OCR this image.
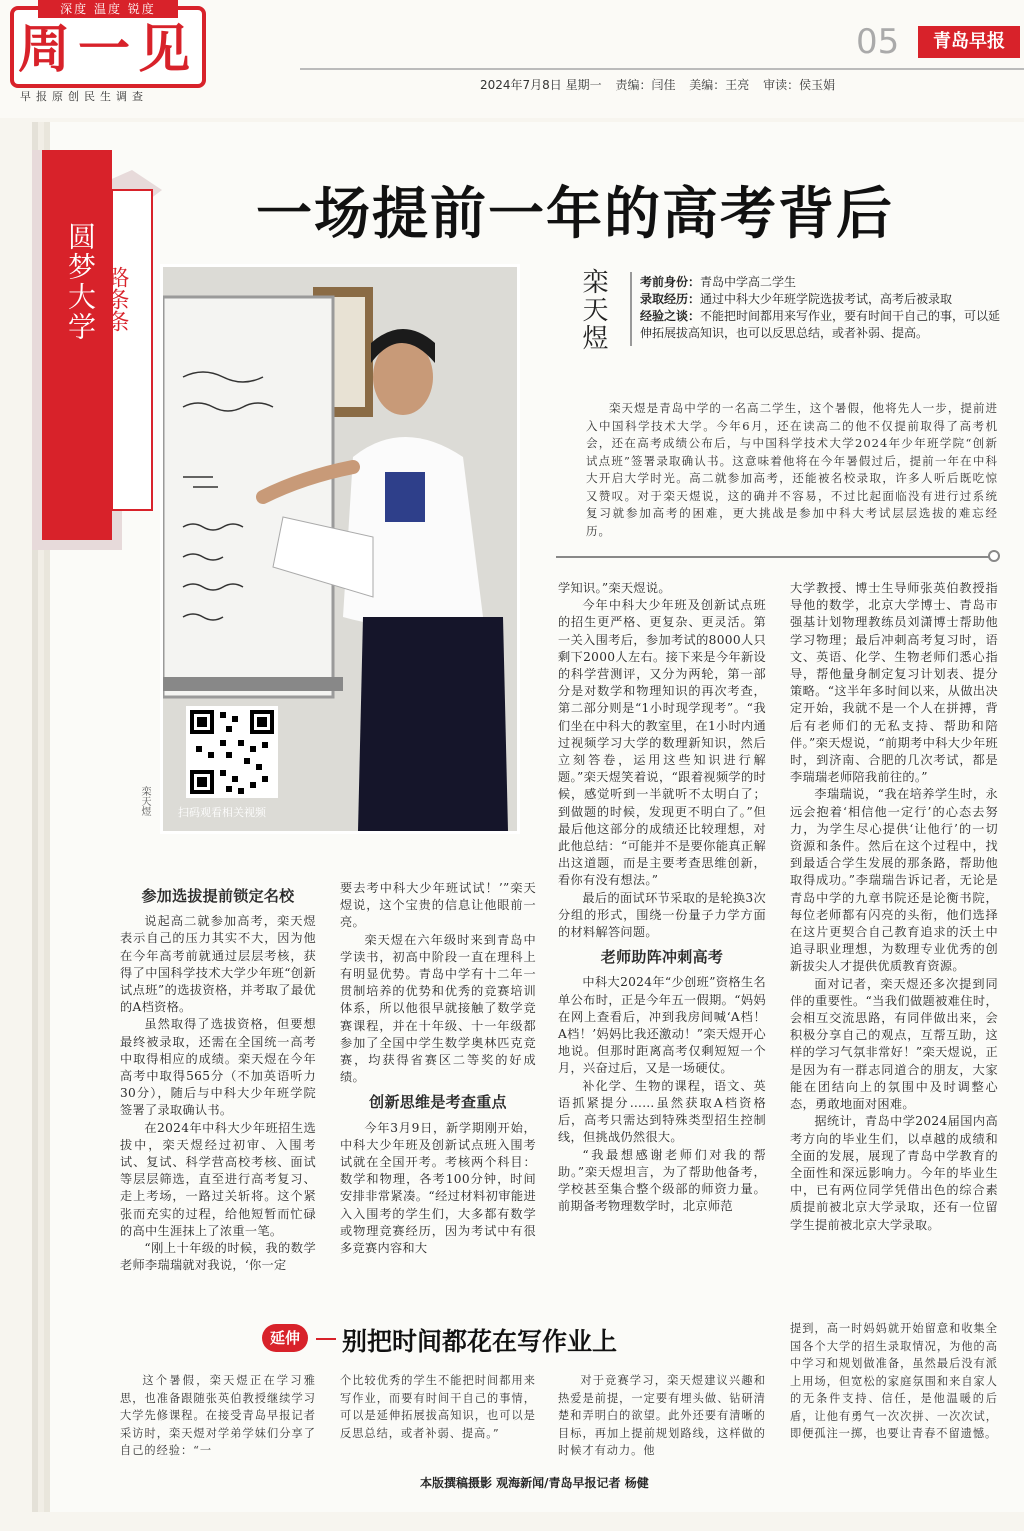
深度 温度 锐度
周一见
早报原创民生调查
05	青岛早报
2024年7月8日 星期一 责编：闫佳 美编：王亮 审读：侯玉娟
圆梦大学 路条条
一场提前一年的高考背后
扫码观看相关视频
栾天煜
栾天煜	考前身份：青岛中学高二学生
录取经历：通过中科大少年班学院选拔考试，高考后被录取
经验之谈：不能把时间都用来写作业，要有时间干自己的事，可以延伸拓展拔高知识，也可以反思总结，或者补弱、提高。
栾天煜是青岛中学的一名高二学生，这个暑假，他将先人一步，提前进入中国科学技术大学。今年6月，还在读高二的他不仅提前取得了高考机会，还在高考成绩公布后，与中国科学技术大学2024年少年班学院“创新试点班”签署录取确认书。这意味着他将在今年暑假过后，提前一年在中科大开启大学时光。高二就参加高考，还能被名校录取，许多人听后既吃惊又赞叹。对于栾天煜说，这的确并不容易，不过比起面临没有进行过系统复习就参加高考的困难，更大挑战是参加中科大考试层层选拔的难忘经历。
参加选拔提前锁定名校

说起高二就参加高考，栾天煜表示自己的压力其实不大，因为他在今年高考前就通过层层考核，获得了中国科学技术大学少年班“创新试点班”的选拔资格，并考取了最优的A档资格。

虽然取得了选拔资格，但要想最终被录取，还需在全国统一高考中取得相应的成绩。栾天煜在今年高考中取得565分（不加英语听力30分），随后与中科大少年班学院签署了录取确认书。

在2024年中科大少年班招生选拔中，栾天煜经过初审、入围考试、复试、科学营高校考核、面试等层层筛选，直至进行高考复习、走上考场，一路过关斩将。这个紧张而充实的过程，给他短暂而忙碌的高中生涯抹上了浓重一笔。

“刚上十年级的时候，我的数学老师李瑞瑞就对我说，‘你一定

要去考中科大少年班试试！’”栾天煜说，这个宝贵的信息让他眼前一亮。

栾天煜在六年级时来到青岛中学读书，初高中阶段一直在理科上有明显优势。青岛中学有十二年一贯制培养的优势和优秀的竞赛培训体系，所以他很早就接触了数学竞赛课程，并在十年级、十一年级都参加了全国中学生数学奥林匹克竞赛，均获得省赛区二等奖的好成绩。

创新思维是考查重点

今年3月9日，新学期刚开始，中科大少年班及创新试点班入围考试就在全国开考。考核两个科目：数学和物理，各考100分钟，时间安排非常紧凑。“经过材料初审能进入入围考的学生们，大多都有数学或物理竞赛经历，因为考试中有很多竞赛内容和大

学知识。”栾天煜说。

今年中科大少年班及创新试点班的招生更严格、更复杂、更灵活。第一关入围考后，参加考试的8000人只剩下2000人左右。接下来是今年新设的科学营测评，又分为两轮，第一部分是对数学和物理知识的再次考查，第二部分则是“1小时现学现考”。“我们坐在中科大的教室里，在1小时内通过视频学习大学的数理新知识，然后立刻答卷，运用这些知识进行解题。”栾天煜笑着说，“跟着视频学的时候，感觉听到一半就听不太明白了；到做题的时候，发现更不明白了。”但最后他这部分的成绩还比较理想，对此他总结：“可能并不是要你能真正解出这道题，而是主要考查思维创新，看你有没有想法。”

最后的面试环节采取的是轮换3次分组的形式，围绕一份量子力学方面的材料解答问题。

老师助阵冲刺高考

中科大2024年“少创班”资格生名单公布时，正是今年五一假期。“妈妈在网上查看后，冲到我房间喊‘A档！A档！’妈妈比我还激动！”栾天煜开心地说。但那时距离高考仅剩短短一个月，兴奋过后，又是一场硬仗。

补化学、生物的课程，语文、英语抓紧提分……虽然获取A档资格后，高考只需达到特殊类型招生控制线，但挑战仍然很大。

“我最想感谢老师们对我的帮助。”栾天煜坦言，为了帮助他备考，学校甚至集合整个级部的师资力量。前期备考物理数学时，北京师范

大学教授、博士生导师张英伯教授指导他的数学，北京大学博士、青岛市强基计划物理教练员刘潇博士帮助他学习物理；最后冲刺高考复习时，语文、英语、化学、生物老师们悉心指导，帮他量身制定复习计划表、提分策略。“这半年多时间以来，从做出决定开始，我就不是一个人在拼搏，背后有老师们的无私支持、帮助和陪伴。”栾天煜说，“前期考中科大少年班时，到济南、合肥的几次考试，都是李瑞瑞老师陪我前往的。”

李瑞瑞说，“我在培养学生时，永远会抱着‘相信他一定行’的心态去努力，为学生尽心提供‘让他行’的一切资源和条件。然后在这个过程中，找到最适合学生发展的那条路，帮助他取得成功。”李瑞瑞告诉记者，无论是青岛中学的九章书院还是论衡书院，每位老师都有闪亮的头衔，他们选择在这片更契合自己教育追求的沃土中追寻职业理想，为数理专业优秀的创新拔尖人才提供优质教育资源。

面对记者，栾天煜还多次提到同伴的重要性。“当我们做题被难住时，会相互交流思路，有同伴做出来，会积极分享自己的观点，互帮互助，这样的学习气氛非常好！”栾天煜说，正是因为有一群志同道合的朋友，大家能在团结向上的氛围中及时调整心态，勇敢地面对困难。

据统计，青岛中学2024届国内高考方向的毕业生们，以卓越的成绩和全面的发展，展现了青岛中学教育的全面性和深远影响力。今年的毕业生中，已有两位同学凭借出色的综合素质提前被北京大学录取，还有一位留学生提前被北京大学录取。

延伸	别把时间都花在写作业上

这个暑假，栾天煜正在学习雅思，也准备跟随张英伯教授继续学习大学先修课程。在接受青岛早报记者采访时，栾天煜对学弟学妹们分享了自己的经验：“一

个比较优秀的学生不能把时间都用来写作业，而要有时间干自己的事情，可以是延伸拓展拔高知识，也可以是反思总结，或者补弱、提高。”

对于竞赛学习，栾天煜建议兴趣和热爱是前提，一定要有埋头做、钻研清楚和弄明白的欲望。此外还要有清晰的目标，再加上提前规划路线，这样做的时候才有动力。他

提到，高一时妈妈就开始留意和收集全国各个大学的招生录取情况，为他的高中学习和规划做准备，虽然最后没有派上用场，但宽松的家庭氛围和来自家人的无条件支持、信任，是他温暖的后盾，让他有勇气一次次拼、一次次试，即便孤注一掷，也要让青春不留遗憾。

本版撰稿摄影 观海新闻/青岛早报记者 杨健
